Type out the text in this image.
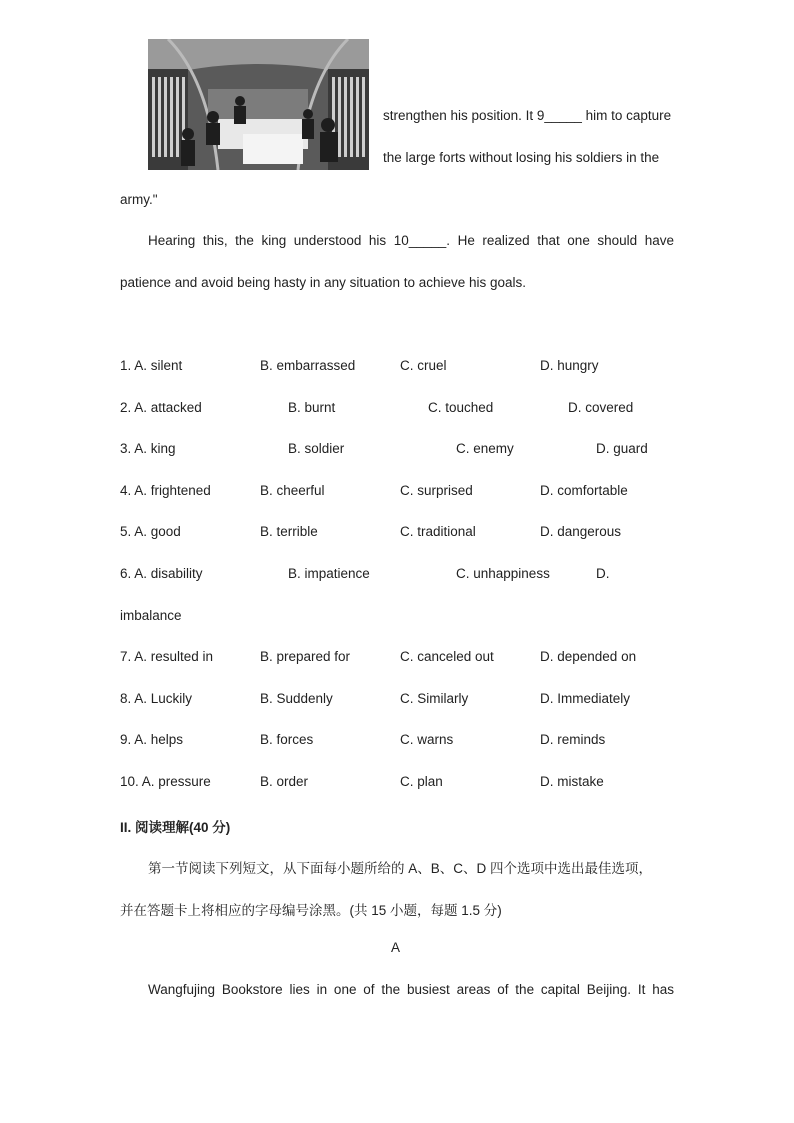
strengthen his position. It 9_____ him to capture
the large forts without losing his soldiers in the
army."
Hearing this, the king understood his 10_____. He realized that one should have
patience and avoid being hasty in any situation to achieve his goals.
1. A. silent	B. embarrassed	C. cruel	D. hungry
2. A. attacked	B. burnt	C. touched	D. covered
3. A. king	B. soldier	C. enemy	D. guard
4. A. frightened	B. cheerful	C. surprised	D. comfortable
5. A. good	B. terrible	C. traditional	D. dangerous
6. A. disability	B. impatience	C. unhappiness	D.
imbalance
7. A. resulted in	B. prepared for	C. canceled out	D. depended on
8. A. Luckily	B. Suddenly	C. Similarly	D. Immediately
9. A. helps	B. forces	C. warns	D. reminds
10. A. pressure	B. order	C. plan	D. mistake
II. 阅读理解(40 分)
第一节阅读下列短文，从下面每小题所给的 A、B、C、D 四个选项中选出最佳选项，
并在答题卡上将相应的字母编号涂黑。(共 15 小题，每题 1.5 分)
A
Wangfujing Bookstore lies in one of the busiest areas of the capital Beijing. It has
